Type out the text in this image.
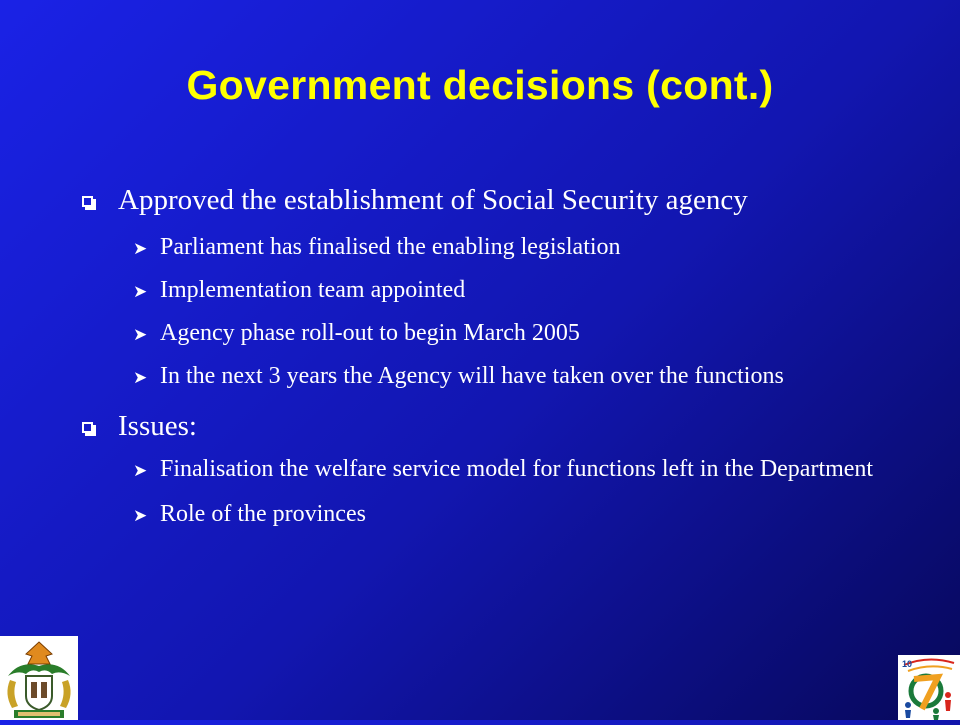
Government decisions (cont.)
Approved the establishment of Social Security agency
➤ Parliament has finalised the enabling legislation
➤ Implementation team appointed
➤ Agency phase roll-out to begin March 2005
➤ In the next 3 years the Agency will have taken over the functions
Issues:
➤ Finalisation the welfare service model for functions left in the Department
➤ Role of the provinces
10
